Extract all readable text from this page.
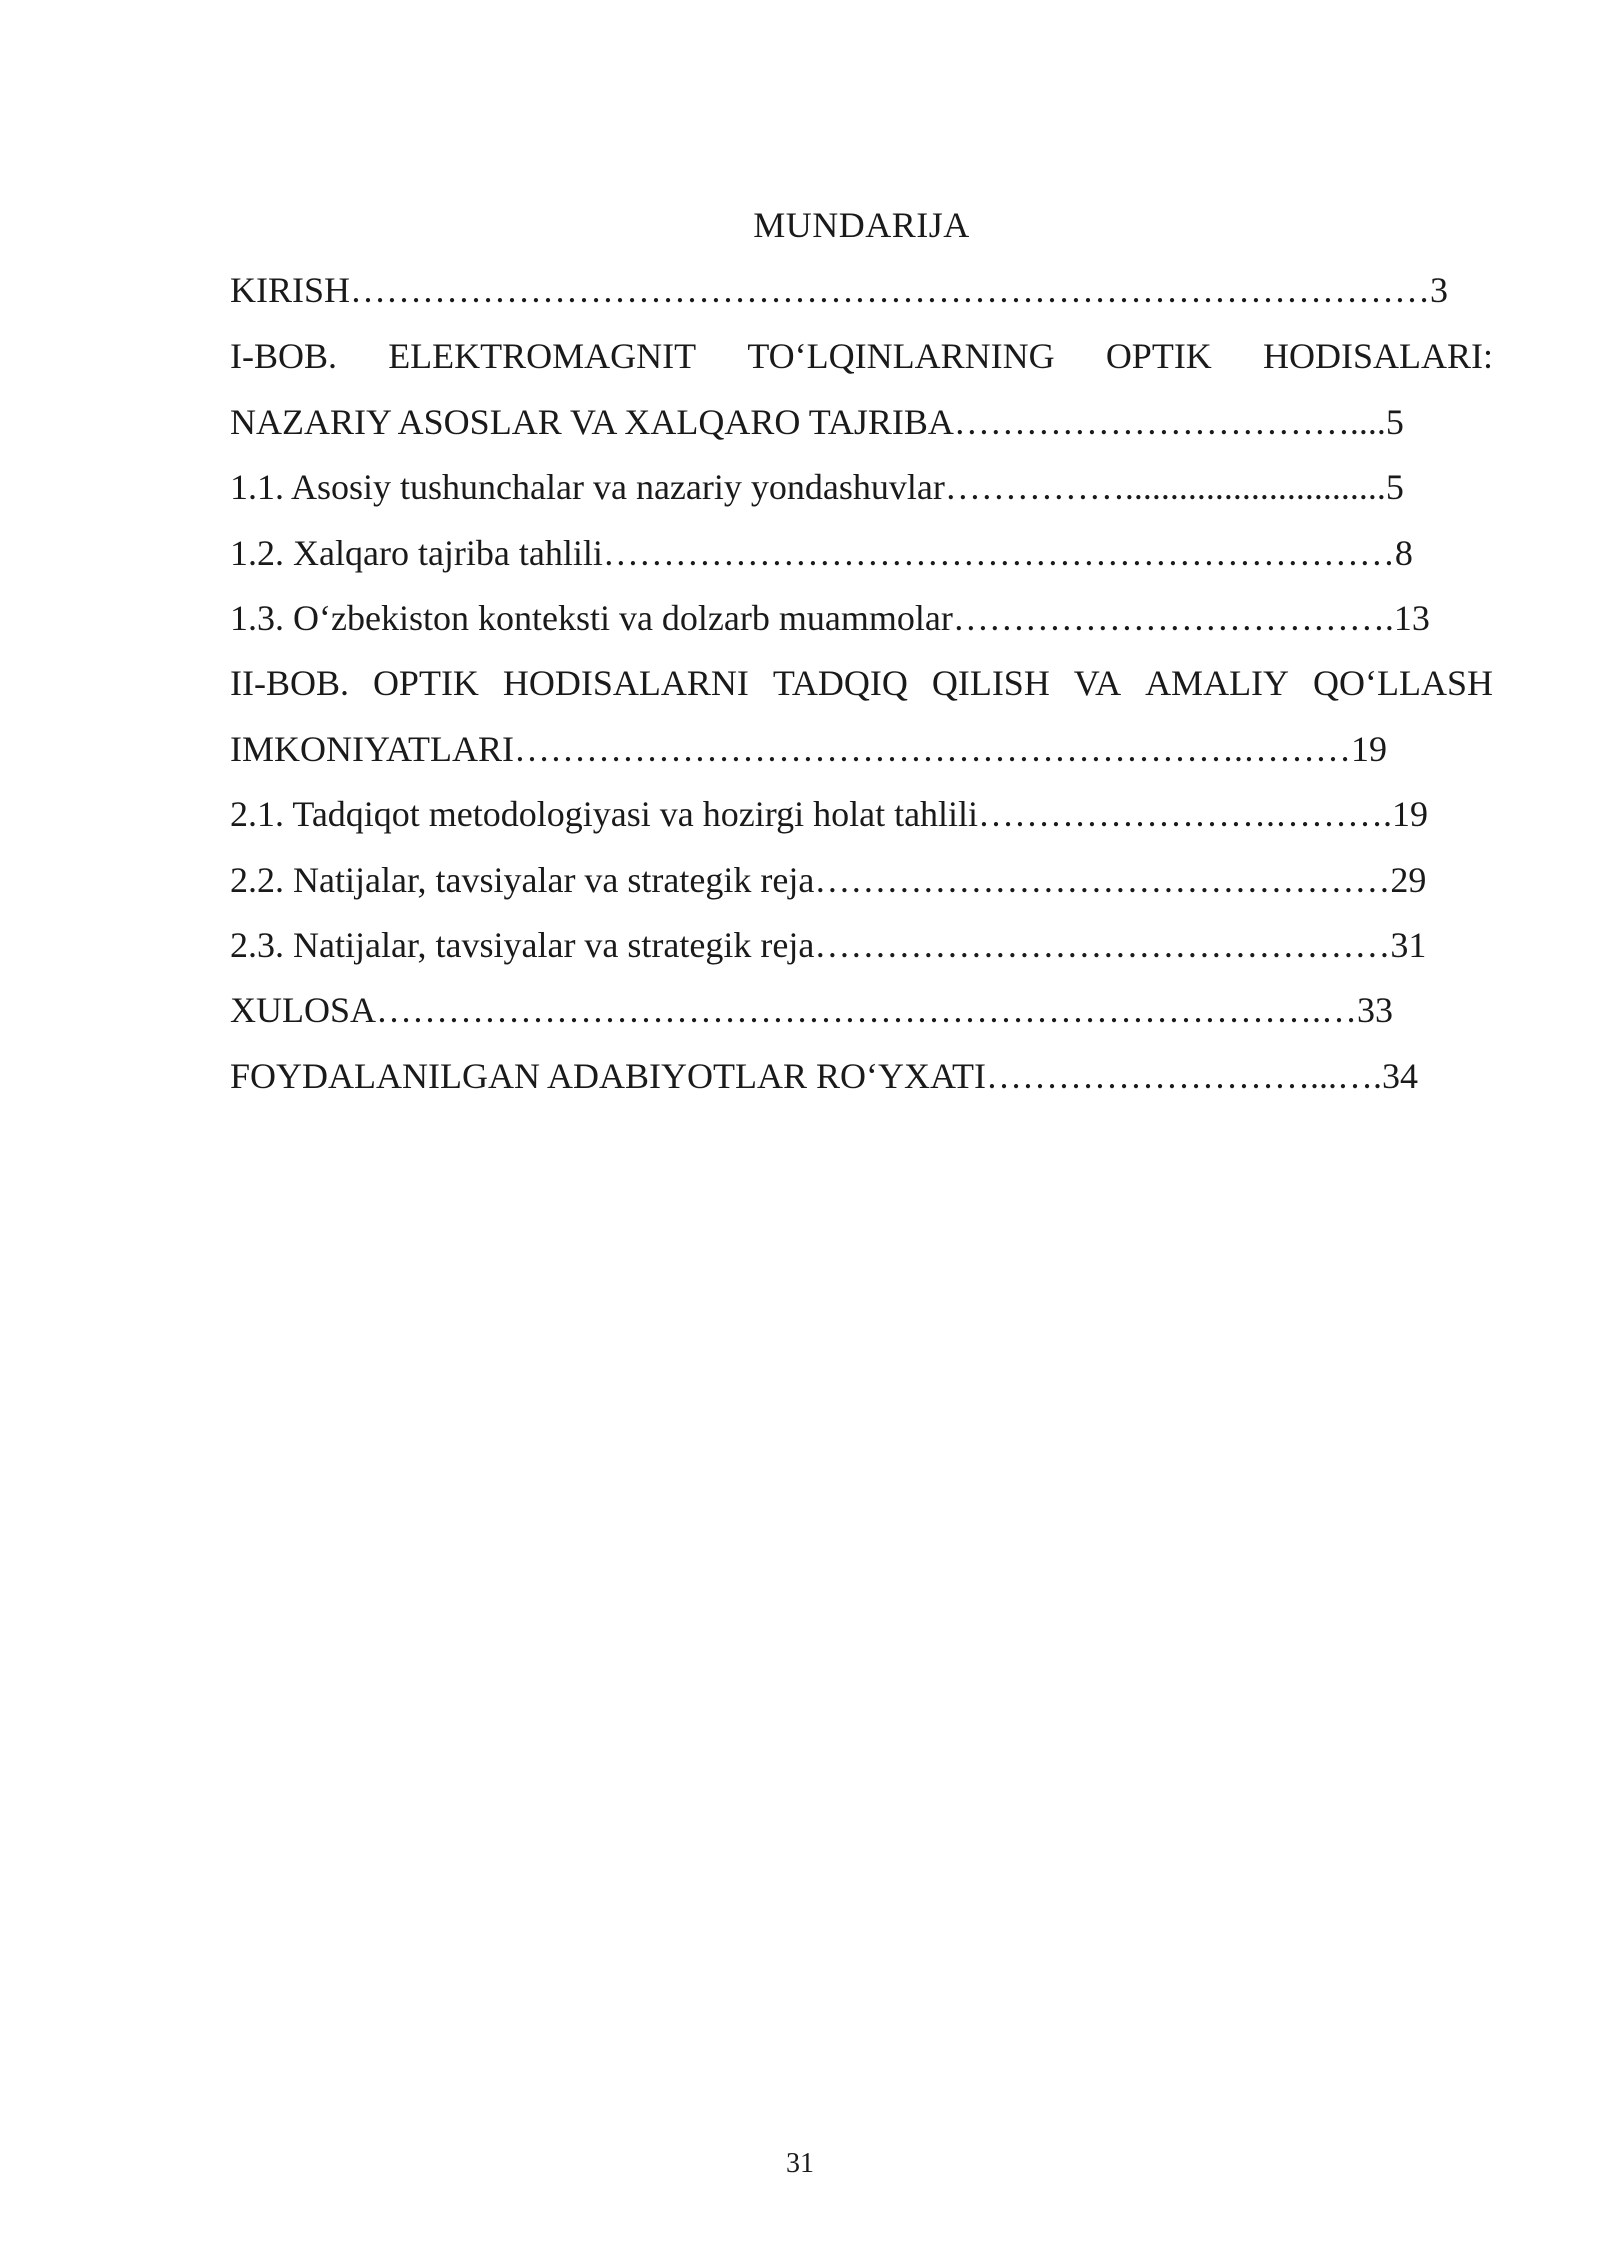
MUNDARIJA
KIRISH………………………………………………………………………………3
I-BOB. ELEKTROMAGNIT TO‘LQINLARNING OPTIK HODISALARI:
NAZARIY ASOSLAR VA XALQARO TAJRIBA……………………………....5
1.1. Asosiy tushunchalar va nazariy yondashuvlar…………….............................5
1.2. Xalqaro tajriba tahlili…………………………………………………………8
1.3. O‘zbekiston konteksti va dolzarb muammolar……………………………….13
II-BOB. OPTIK HODISALARNI TADQIQ QILISH VA AMALIY QO‘LLASH
IMKONIYATLARI…………………………………………………….………19
2.1. Tadqiqot metodologiyasi va hozirgi holat tahlili…………………….……….19
2.2. Natijalar, tavsiyalar va strategik reja…………………………………………29
2.3. Natijalar, tavsiyalar va strategik reja…………………………………………31
XULOSA…………………………………………………………………….…33
FOYDALANILGAN ADABIYOTLAR RO‘YXATI………………………...….34
31
